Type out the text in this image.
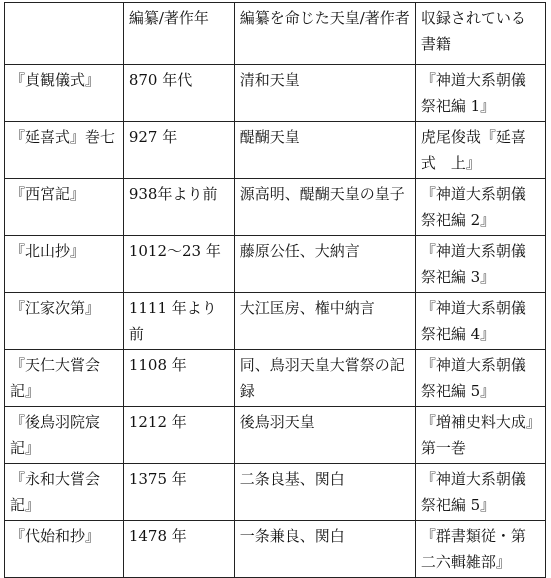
	編纂/著作年	編纂を命じた天皇/著作者	収録されている書籍
『貞観儀式』	870 年代	清和天皇	『神道大系朝儀祭祀編 1』
『延喜式』巻七	927 年	醍醐天皇	虎尾俊哉『延喜式　上』
『西宮記』	938年より前	源高明、醍醐天皇の皇子	『神道大系朝儀祭祀編 2』
『北山抄』	1012～23 年	藤原公任、大納言	『神道大系朝儀祭祀編 3』
『江家次第』	1111 年より前	大江匡房、権中納言	『神道大系朝儀祭祀編 4』
『天仁大嘗会記』	1108 年	同、鳥羽天皇大嘗祭の記録	『神道大系朝儀祭祀編 5』
『後鳥羽院宸記』	1212 年	後鳥羽天皇	『増補史料大成』第一巻
『永和大嘗会記』	1375 年	二条良基、関白	『神道大系朝儀祭祀編 5』
『代始和抄』	1478 年	一条兼良、関白	『群書類従・第二六輯雑部』
